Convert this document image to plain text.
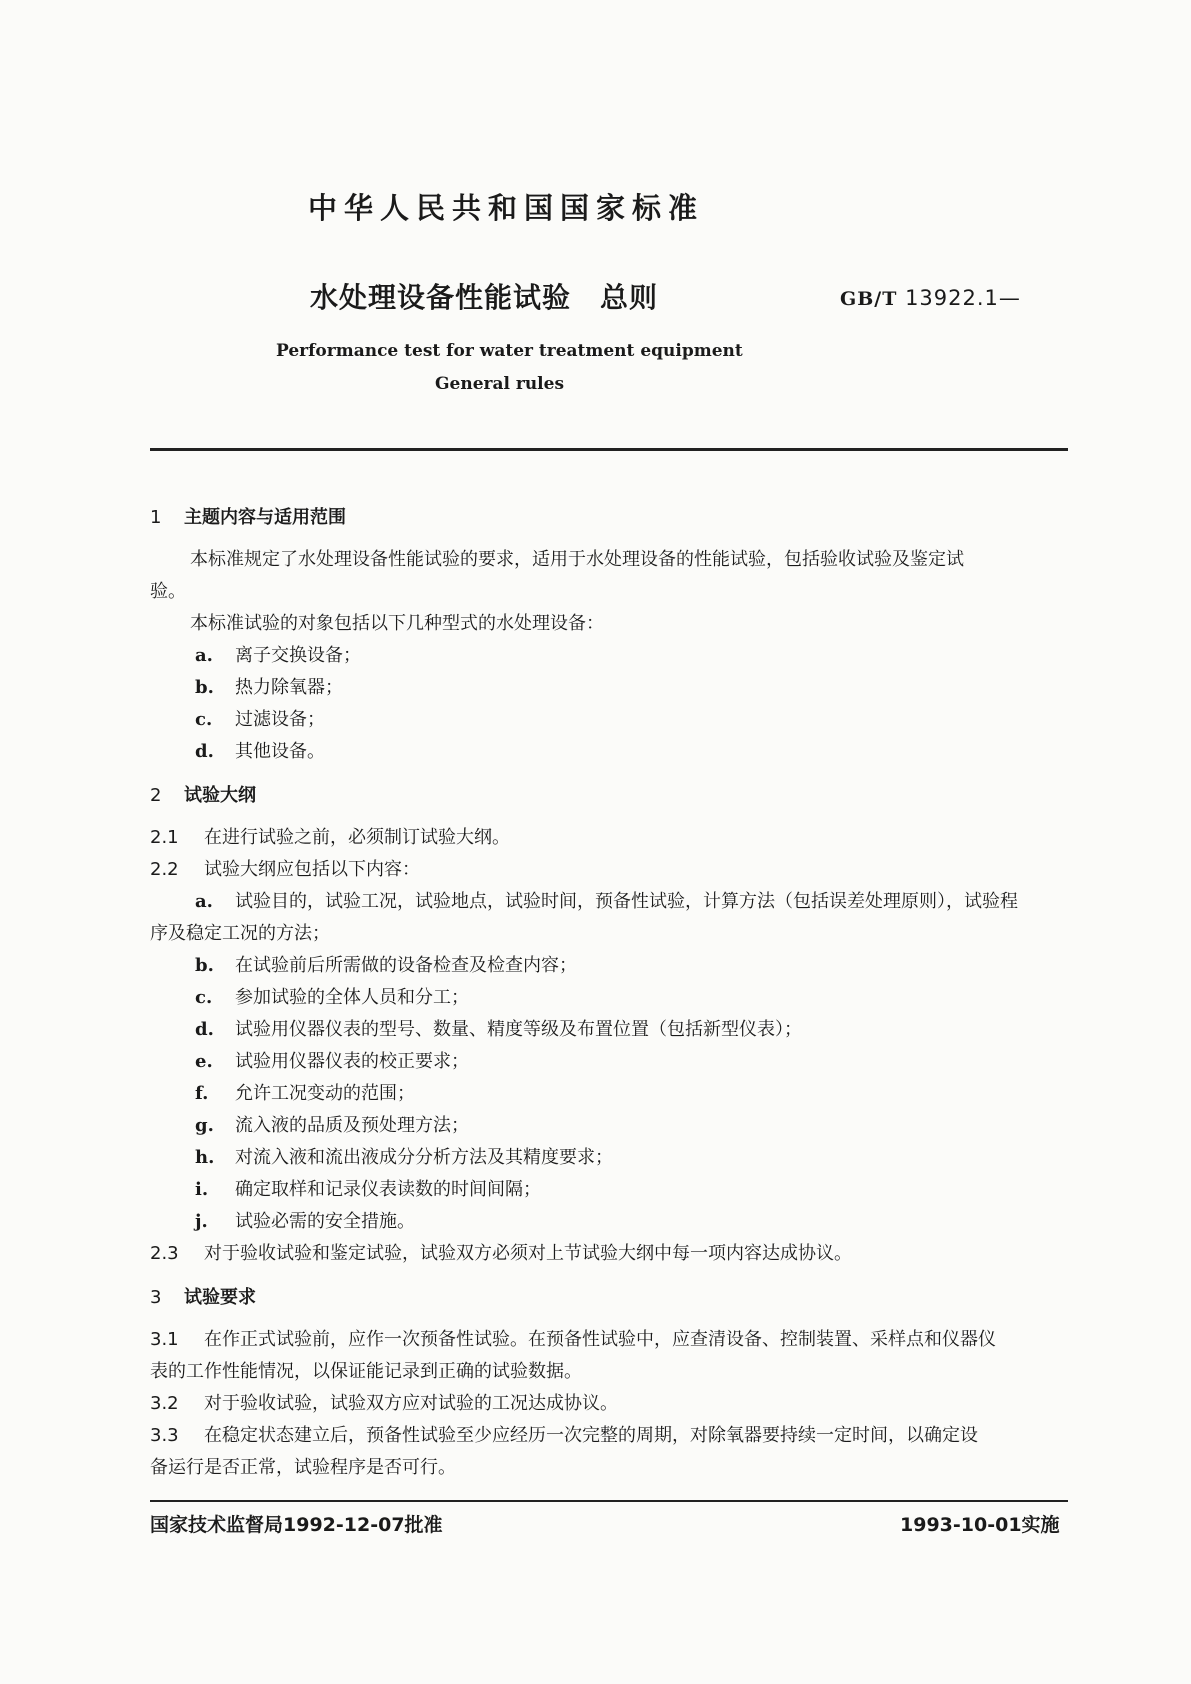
中华人民共和国国家标准
水处理设备性能试验　总则	GB/T 13922.1—
Performance test for water treatment equipment
General rules
1 主题内容与适用范围
本标准规定了水处理设备性能试验的要求，适用于水处理设备的性能试验，包括验收试验及鉴定试
验。
本标准试验的对象包括以下几种型式的水处理设备：
a. 离子交换设备；
b. 热力除氧器；
c. 过滤设备；
d. 其他设备。
2 试验大纲
2.1 在进行试验之前，必须制订试验大纲。
2.2 试验大纲应包括以下内容：
a. 试验目的，试验工况，试验地点，试验时间，预备性试验，计算方法（包括误差处理原则），试验程
序及稳定工况的方法；
b. 在试验前后所需做的设备检查及检查内容；
c. 参加试验的全体人员和分工；
d. 试验用仪器仪表的型号、数量、精度等级及布置位置（包括新型仪表）；
e. 试验用仪器仪表的校正要求；
f. 允许工况变动的范围；
g. 流入液的品质及预处理方法；
h. 对流入液和流出液成分分析方法及其精度要求；
i. 确定取样和记录仪表读数的时间间隔；
j. 试验必需的安全措施。
2.3 对于验收试验和鉴定试验，试验双方必须对上节试验大纲中每一项内容达成协议。
3 试验要求
3.1 在作正式试验前，应作一次预备性试验。在预备性试验中，应查清设备、控制装置、采样点和仪器仪
表的工作性能情况，以保证能记录到正确的试验数据。
3.2 对于验收试验，试验双方应对试验的工况达成协议。
3.3 在稳定状态建立后，预备性试验至少应经历一次完整的周期，对除氧器要持续一定时间，以确定设
备运行是否正常，试验程序是否可行。
国家技术监督局1992-12-07批准	1993-10-01实施
